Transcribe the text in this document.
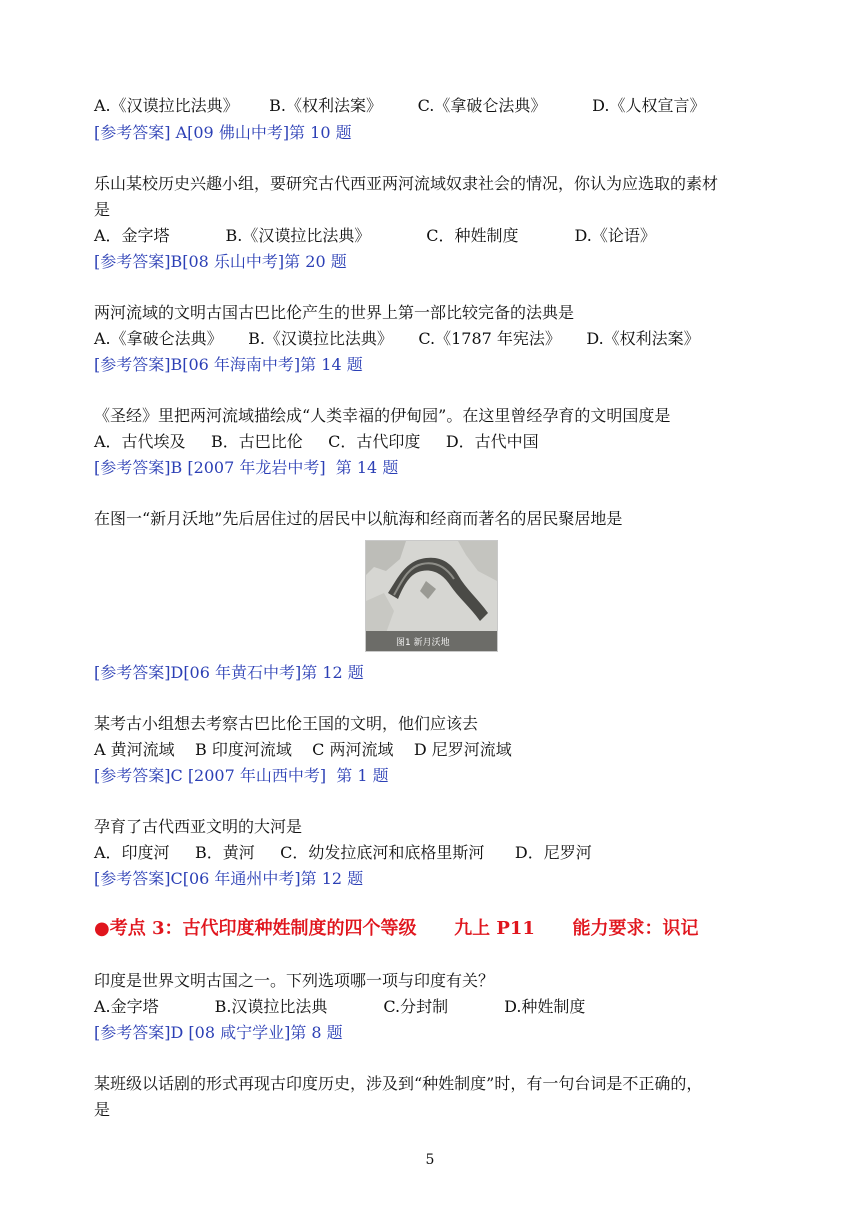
A.《汉谟拉比法典》      B.《权利法案》       C.《拿破仑法典》         D.《人权宣言》
[参考答案] A[09 佛山中考]第 10 题
乐山某校历史兴趣小组，要研究古代西亚两河流域奴隶社会的情况，你认为应选取的素材
是
A．金字塔           B.《汉谟拉比法典》           C．种姓制度           D.《论语》
[参考答案]B[08 乐山中考]第 20 题
两河流域的文明古国古巴比伦产生的世界上第一部比较完备的法典是
A.《拿破仑法典》     B.《汉谟拉比法典》     C.《1787 年宪法》     D.《权利法案》
[参考答案]B[06 年海南中考]第 14 题
《圣经》里把两河流域描绘成“人类幸福的伊甸园”。在这里曾经孕育的文明国度是
A．古代埃及     B．古巴比伦     C．古代印度     D．古代中国
[参考答案]B [2007 年龙岩中考]  第 14 题
在图一“新月沃地”先后居住过的居民中以航海和经商而著名的居民聚居地是
图1 新月沃地
[参考答案]D[06 年黄石中考]第 12 题
某考古小组想去考察古巴比伦王国的文明，他们应该去
A 黄河流域    B 印度河流域    C 两河流域    D 尼罗河流域
[参考答案]C [2007 年山西中考]  第 1 题
孕育了古代西亚文明的大河是
A．印度河     B．黄河     C．幼发拉底河和底格里斯河      D．尼罗河
[参考答案]C[06 年通州中考]第 12 题
●考点 3：古代印度种姓制度的四个等级      九上 P11      能力要求：识记
印度是世界文明古国之一。下列选项哪一项与印度有关？
A.金字塔           B.汉谟拉比法典           C.分封制           D.种姓制度
[参考答案]D [08 咸宁学业]第 8 题
某班级以话剧的形式再现古印度历史，涉及到“种姓制度”时，有一句台词是不正确的，
是
5
